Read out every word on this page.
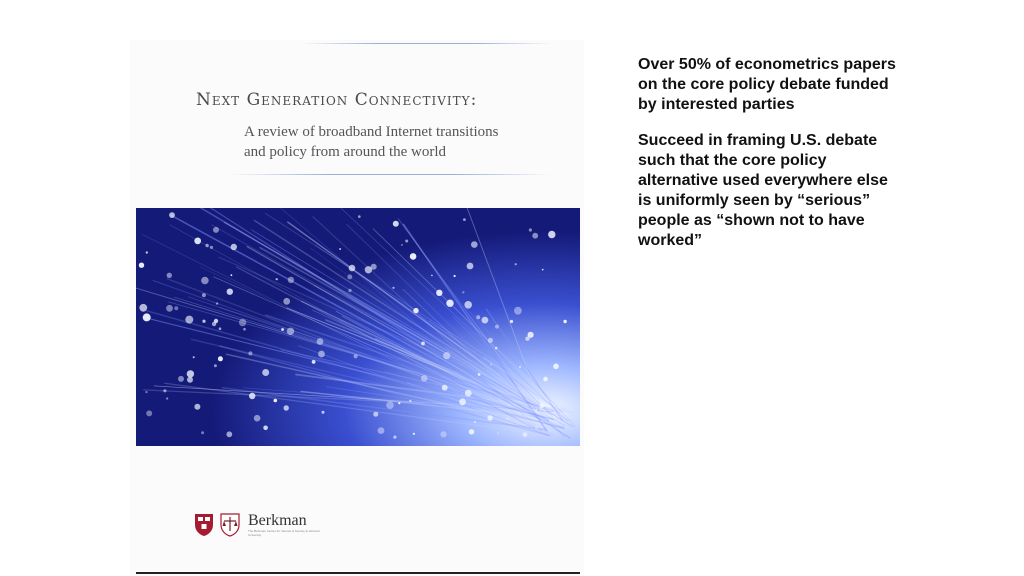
Next Generation Connectivity:
A review of broadband Internet transitions
and policy from around the world
Berkman
The Berkman Center for Internet & Society at Harvard University

Over 50% of econometrics papers on the core policy debate funded by interested parties

Succeed in framing U.S. debate such that the core policy alternative used everywhere else is uniformly seen by “serious” people as “shown not to have worked”
